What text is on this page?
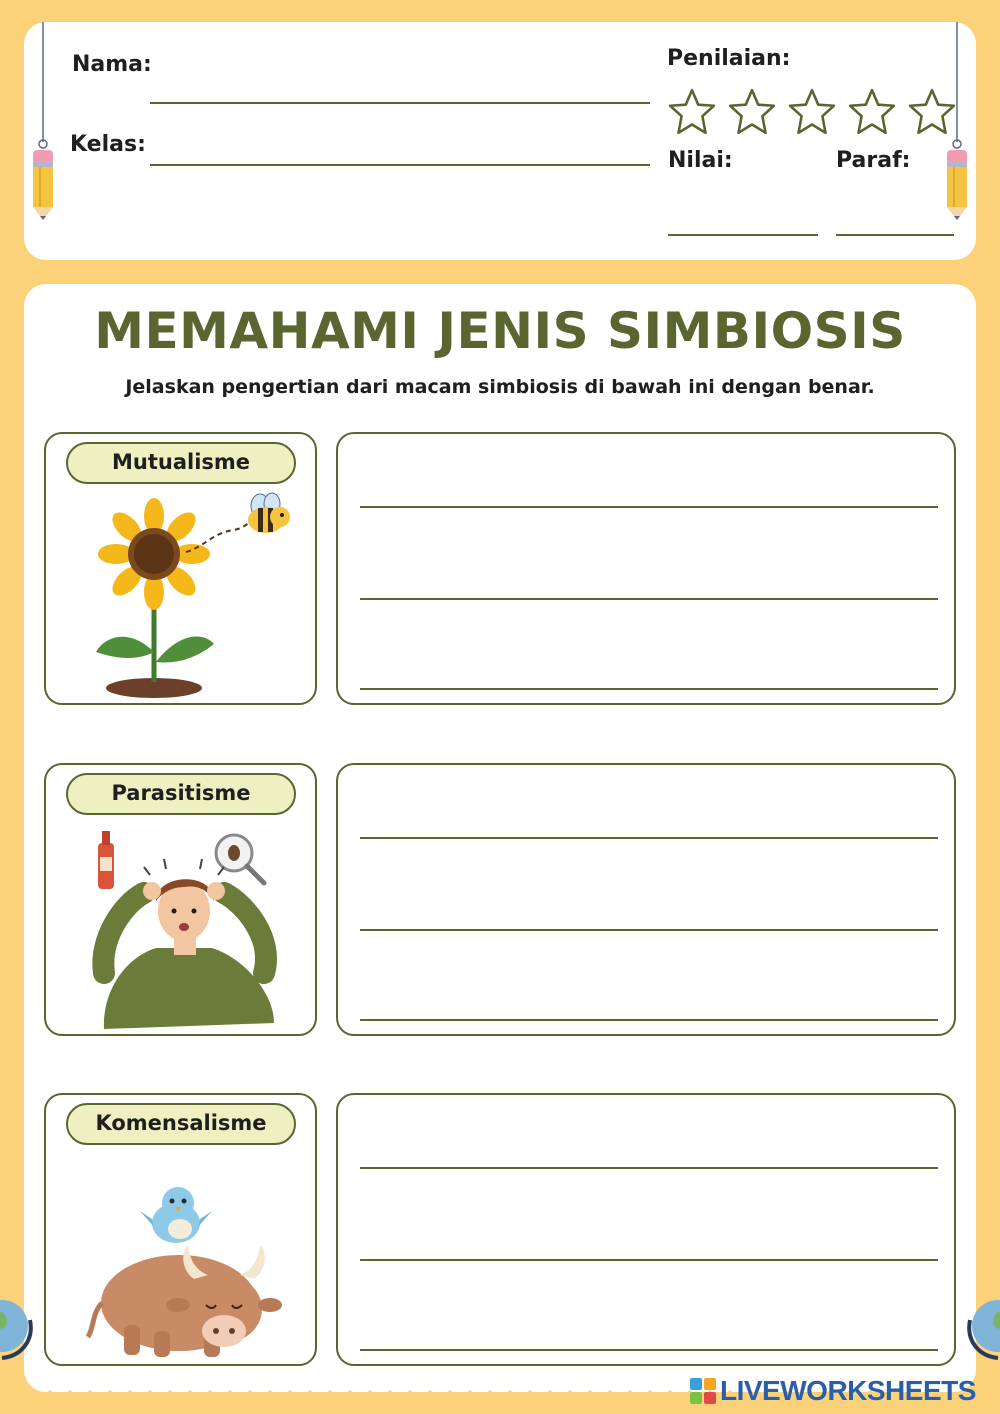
Nama:
Kelas:
Penilaian:
Nilai:	Paraf:
MEMAHAMI JENIS SIMBIOSIS
Jelaskan pengertian dari macam simbiosis di bawah ini dengan benar.
Mutualisme
Parasitisme
Komensalisme
LIVEWORKSHEETS
